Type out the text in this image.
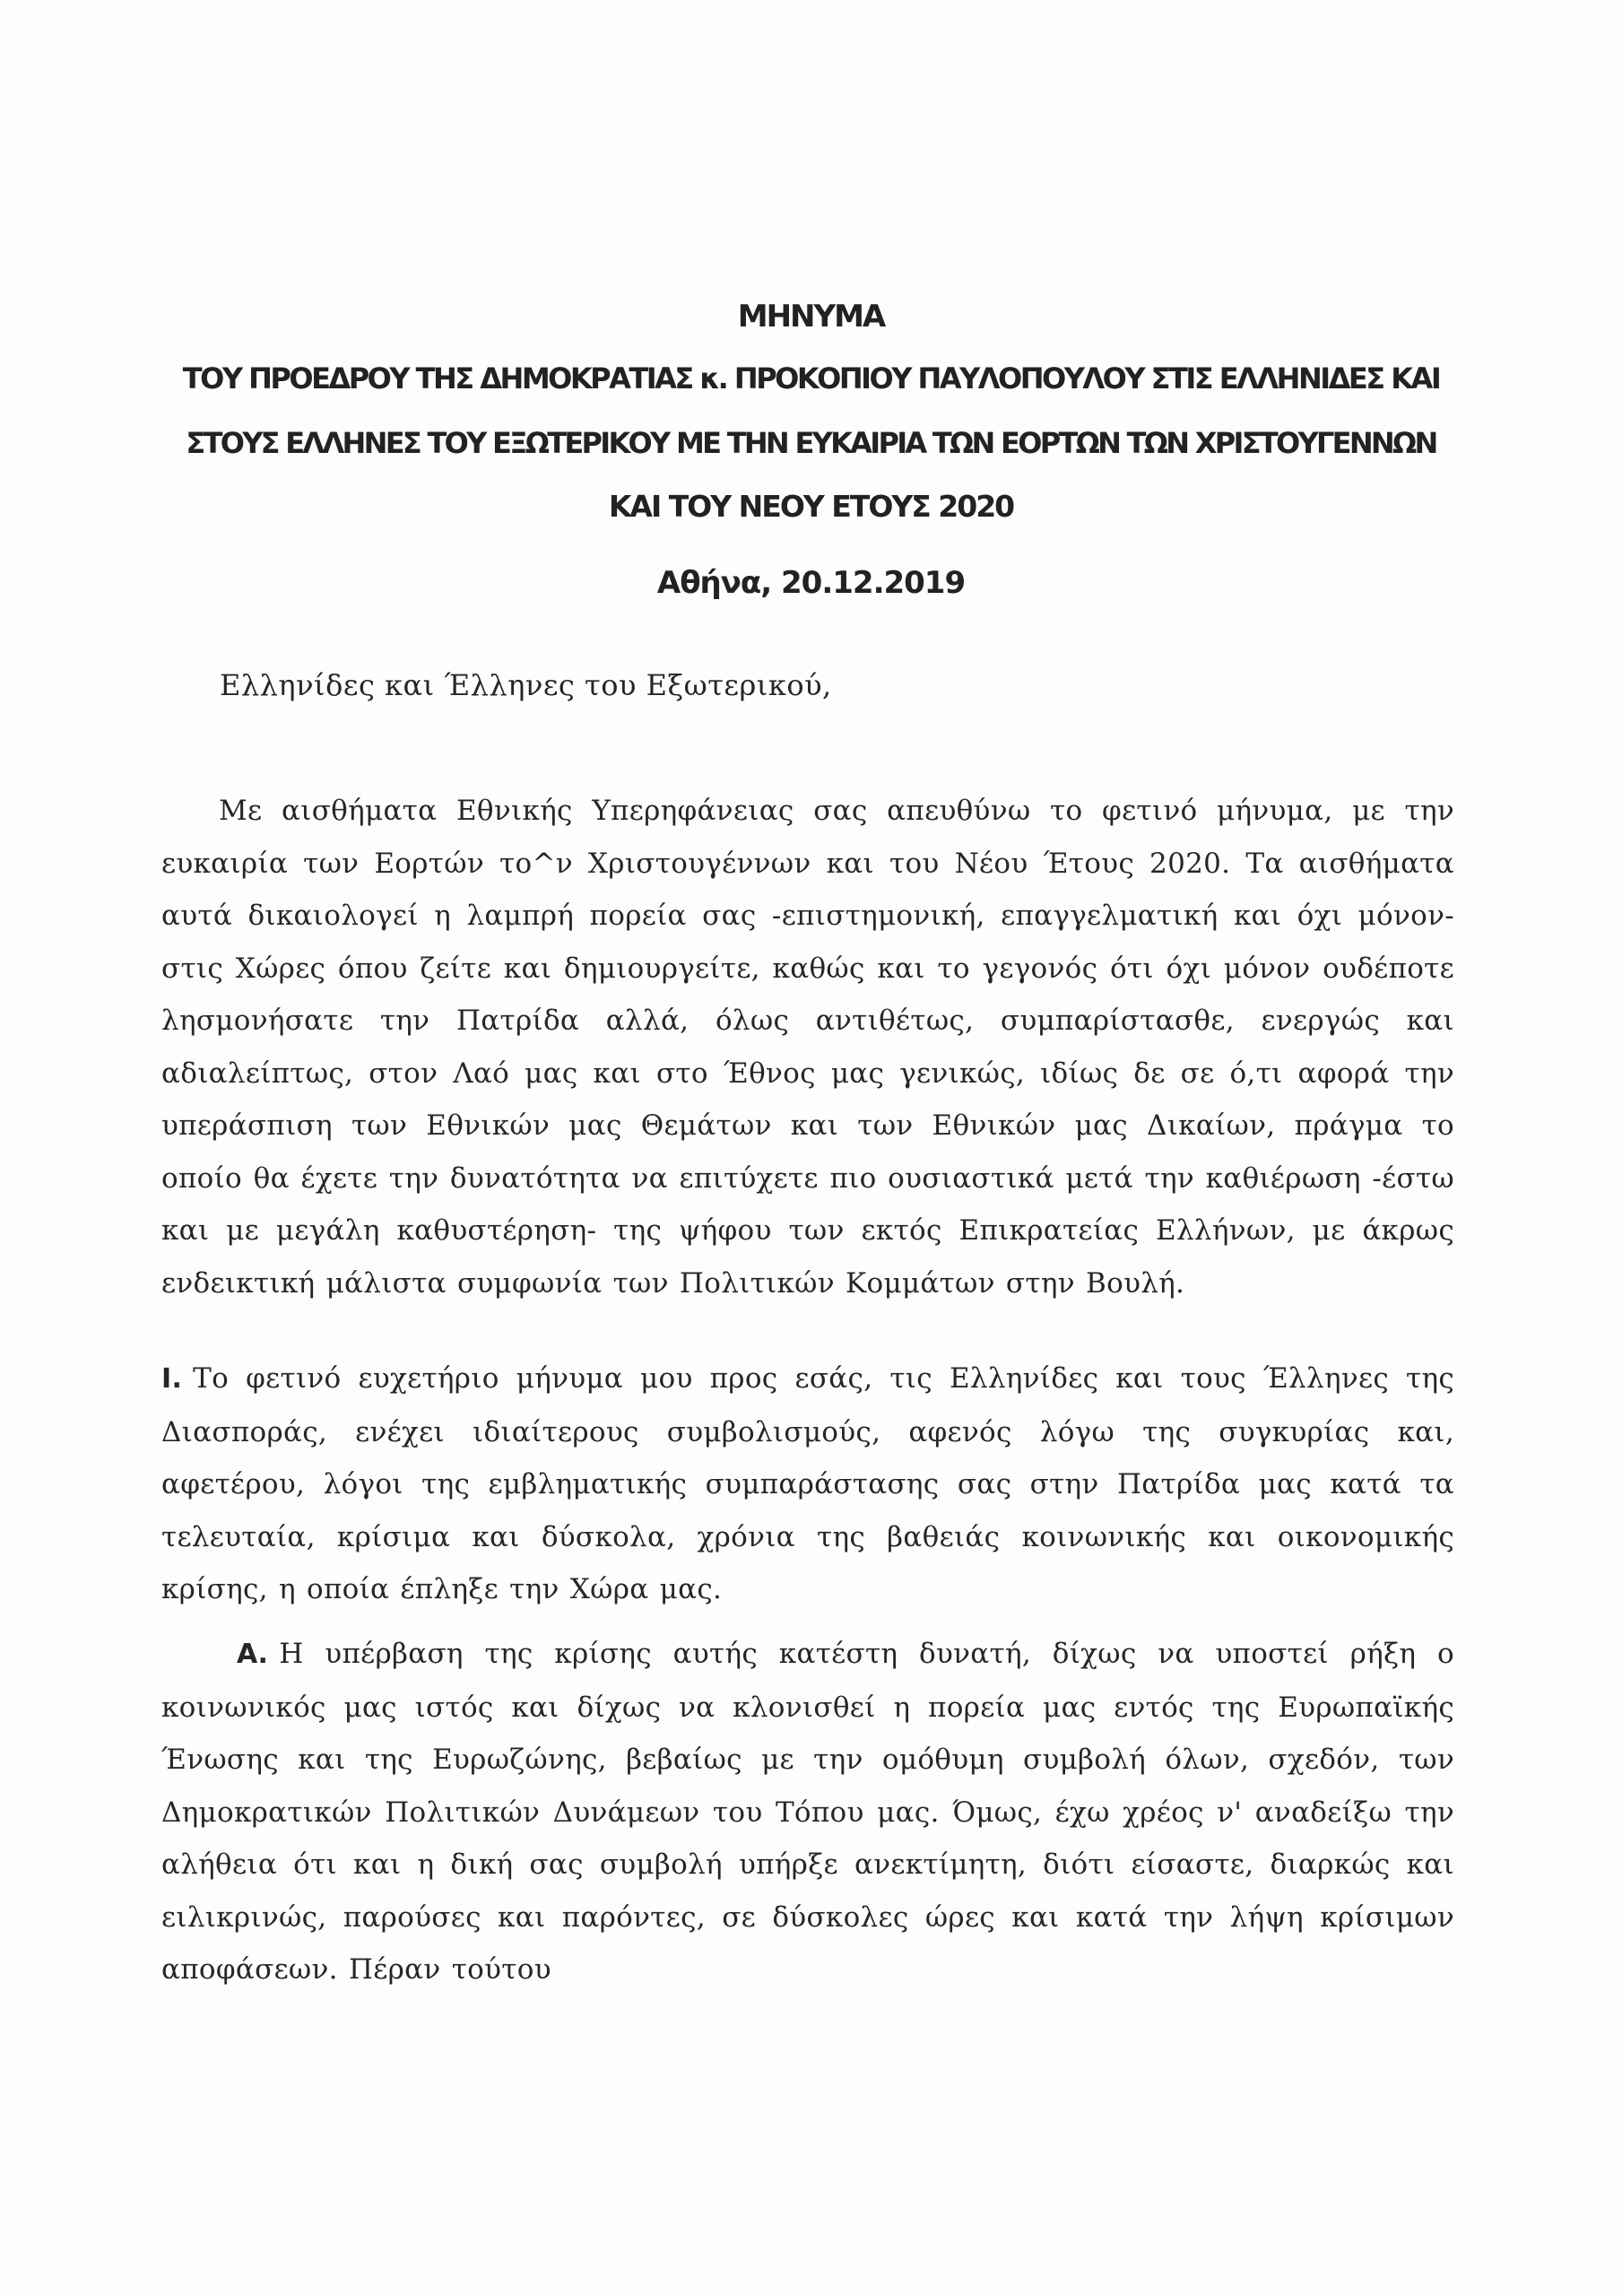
ΜΗΝΥΜΑ
ΤΟΥ ΠΡΟΕΔΡΟΥ ΤΗΣ ΔΗΜΟΚΡΑΤΙΑΣ κ. ΠΡΟΚΟΠΙΟΥ ΠΑΥΛΟΠΟΥΛΟΥ ΣΤΙΣ ΕΛΛΗΝΙΔΕΣ ΚΑΙ
ΣΤΟΥΣ ΕΛΛΗΝΕΣ ΤΟΥ ΕΞΩΤΕΡΙΚΟΥ ΜΕ ΤΗΝ ΕΥΚΑΙΡΙΑ ΤΩΝ ΕΟΡΤΩΝ ΤΩΝ ΧΡΙΣΤΟΥΓΕΝΝΩΝ
ΚΑΙ ΤΟΥ ΝΕΟΥ ΕΤΟΥΣ 2020
Αθήνα, 20.12.2019
Ελληνίδες και Έλληνες του Εξωτερικού,
Με αισθήματα Εθνικής Υπερηφάνειας σας απευθύνω το φετινό μήνυμα, με την ευκαιρία των Εορτών το^ν Χριστουγέννων και του Νέου Έτους 2020. Τα αισθήματα αυτά δικαιολογεί η λαμπρή πορεία σας -επιστημονική, επαγγελματική και όχι μόνον- στις Χώρες όπου ζείτε και δημιουργείτε, καθώς και το γεγονός ότι όχι μόνον ουδέποτε λησμονήσατε την Πατρίδα αλλά, όλως αντιθέτως, συμπαρίστασθε, ενεργώς και αδιαλείπτως, στον Λαό μας και στο Έθνος μας γενικώς, ιδίως δε σε ό,τι αφορά την υπεράσπιση των Εθνικών μας Θεμάτων και των Εθνικών μας Δικαίων, πράγμα το οποίο θα έχετε την δυνατότητα να επιτύχετε πιο ουσιαστικά μετά την καθιέρωση -έστω και με μεγάλη καθυστέρηση- της ψήφου των εκτός Επικρατείας Ελλήνων, με άκρως ενδεικτική μάλιστα συμφωνία των Πολιτικών Κομμάτων στην Βουλή.
Ι. Το φετινό ευχετήριο μήνυμα μου προς εσάς, τις Ελληνίδες και τους Έλληνες της Διασποράς, ενέχει ιδιαίτερους συμβολισμούς, αφενός λόγω της συγκυρίας και, αφετέρου, λόγοι της εμβληματικής συμπαράστασης σας στην Πατρίδα μας κατά τα τελευταία, κρίσιμα και δύσκολα, χρόνια της βαθειάς κοινωνικής και οικονομικής κρίσης, η οποία έπληξε την Χώρα μας.
Α. Η υπέρβαση της κρίσης αυτής κατέστη δυνατή, δίχως να υποστεί ρήξη ο κοινωνικός μας ιστός και δίχως να κλονισθεί η πορεία μας εντός της Ευρωπαϊκής Ένωσης και της Ευρωζώνης, βεβαίως με την ομόθυμη συμβολή όλων, σχεδόν, των Δημοκρατικών Πολιτικών Δυνάμεων του Τόπου μας. Όμως, έχω χρέος ν' αναδείξω την αλήθεια ότι και η δική σας συμβολή υπήρξε ανεκτίμητη, διότι είσαστε, διαρκώς και ειλικρινώς, παρούσες και παρόντες, σε δύσκολες ώρες και κατά την λήψη κρίσιμων αποφάσεων. Πέραν τούτου
